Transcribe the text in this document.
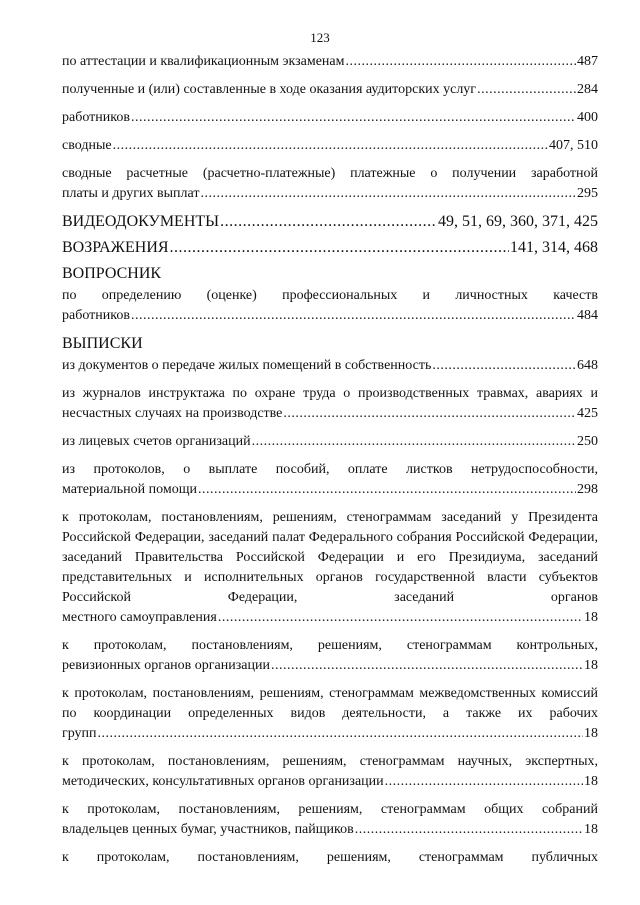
123
по аттестации и квалификационным экзаменам .....	487
полученные и (или) составленные в ходе оказания аудиторских услуг .....	284
работников .....	400
сводные .....	407, 510
сводные расчетные (расчетно-платежные) платежные о получении заработной
платы и других выплат .....	295
ВИДЕОДОКУМЕНТЫ .....	49, 51, 69, 360, 371, 425
ВОЗРАЖЕНИЯ .....	141, 314, 468
ВОПРОСНИК
по определению (оценке) профессиональных и личностных качеств
работников .....	484
ВЫПИСКИ
из документов о передаче жилых помещений в собственность .....	648
из журналов инструктажа по охране труда о производственных травмах, авариях и
несчастных случаях на производстве .....	425
из лицевых счетов организаций .....	250
из протоколов, о выплате пособий, оплате листков нетрудоспособности,
материальной помощи .....	298
к протоколам, постановлениям, решениям, стенограммам заседаний у Президента Российской Федерации, заседаний палат Федерального собрания Российской Федерации, заседаний Правительства Российской Федерации и его Президиума, заседаний представительных и исполнительных органов государственной власти субъектов Российской Федерации, заседаний органов
местного самоуправления .....	18
к протоколам, постановлениям, решениям, стенограммам контрольных,
ревизионных органов организации .....	18
к протоколам, постановлениям, решениям, стенограммам межведомственных комиссий по координации определенных видов деятельности, а также их рабочих
групп .....	18
к протоколам, постановлениям, решениям, стенограммам научных, экспертных,
методических, консультативных органов организации .....	18
к протоколам, постановлениям, решениям, стенограммам общих собраний
владельцев ценных бумаг, участников, пайщиков .....	18
к протоколам, постановлениям, решениям, стенограммам публичных
